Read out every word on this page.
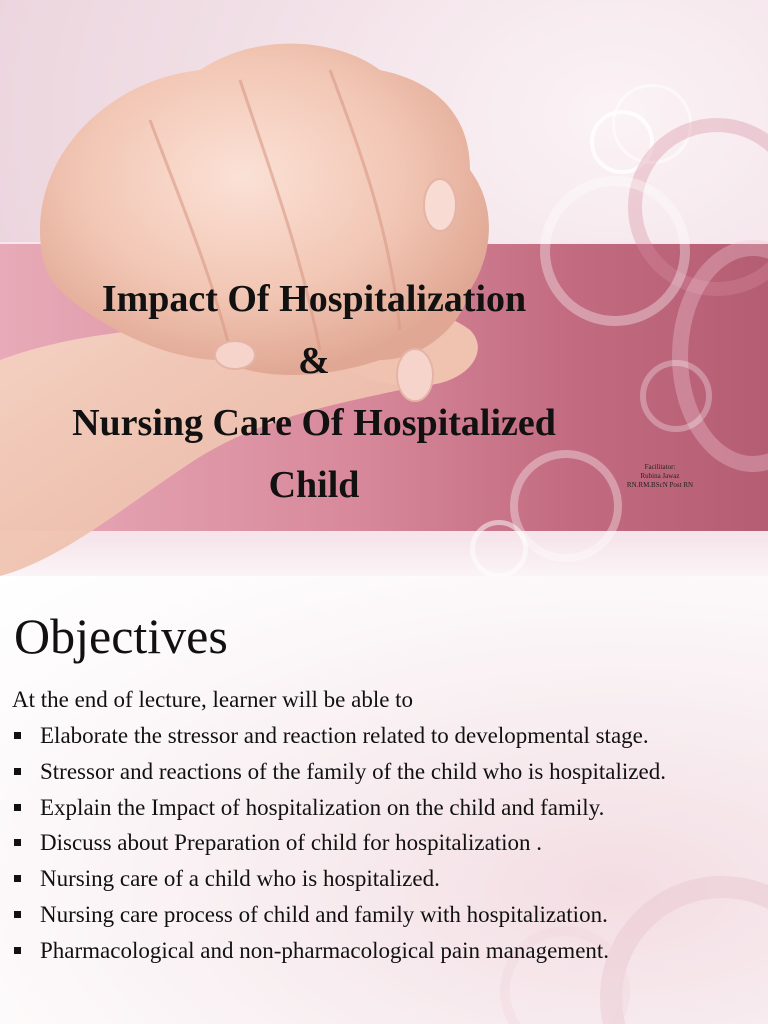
Impact Of Hospitalization
&
Nursing Care Of Hospitalized
Child	Facilitator:
Rubina Jawaz
RN.RM.BScN Post RN
Objectives
At the end of lecture, learner will be able to
Elaborate the stressor and reaction related to developmental stage.
Stressor and reactions of the family of the child who is hospitalized.
Explain the Impact of hospitalization on the child and family.
Discuss about Preparation of child for hospitalization .
Nursing care of a child who is hospitalized.
Nursing care process of child and family with hospitalization.
Pharmacological and non-pharmacological pain management.
